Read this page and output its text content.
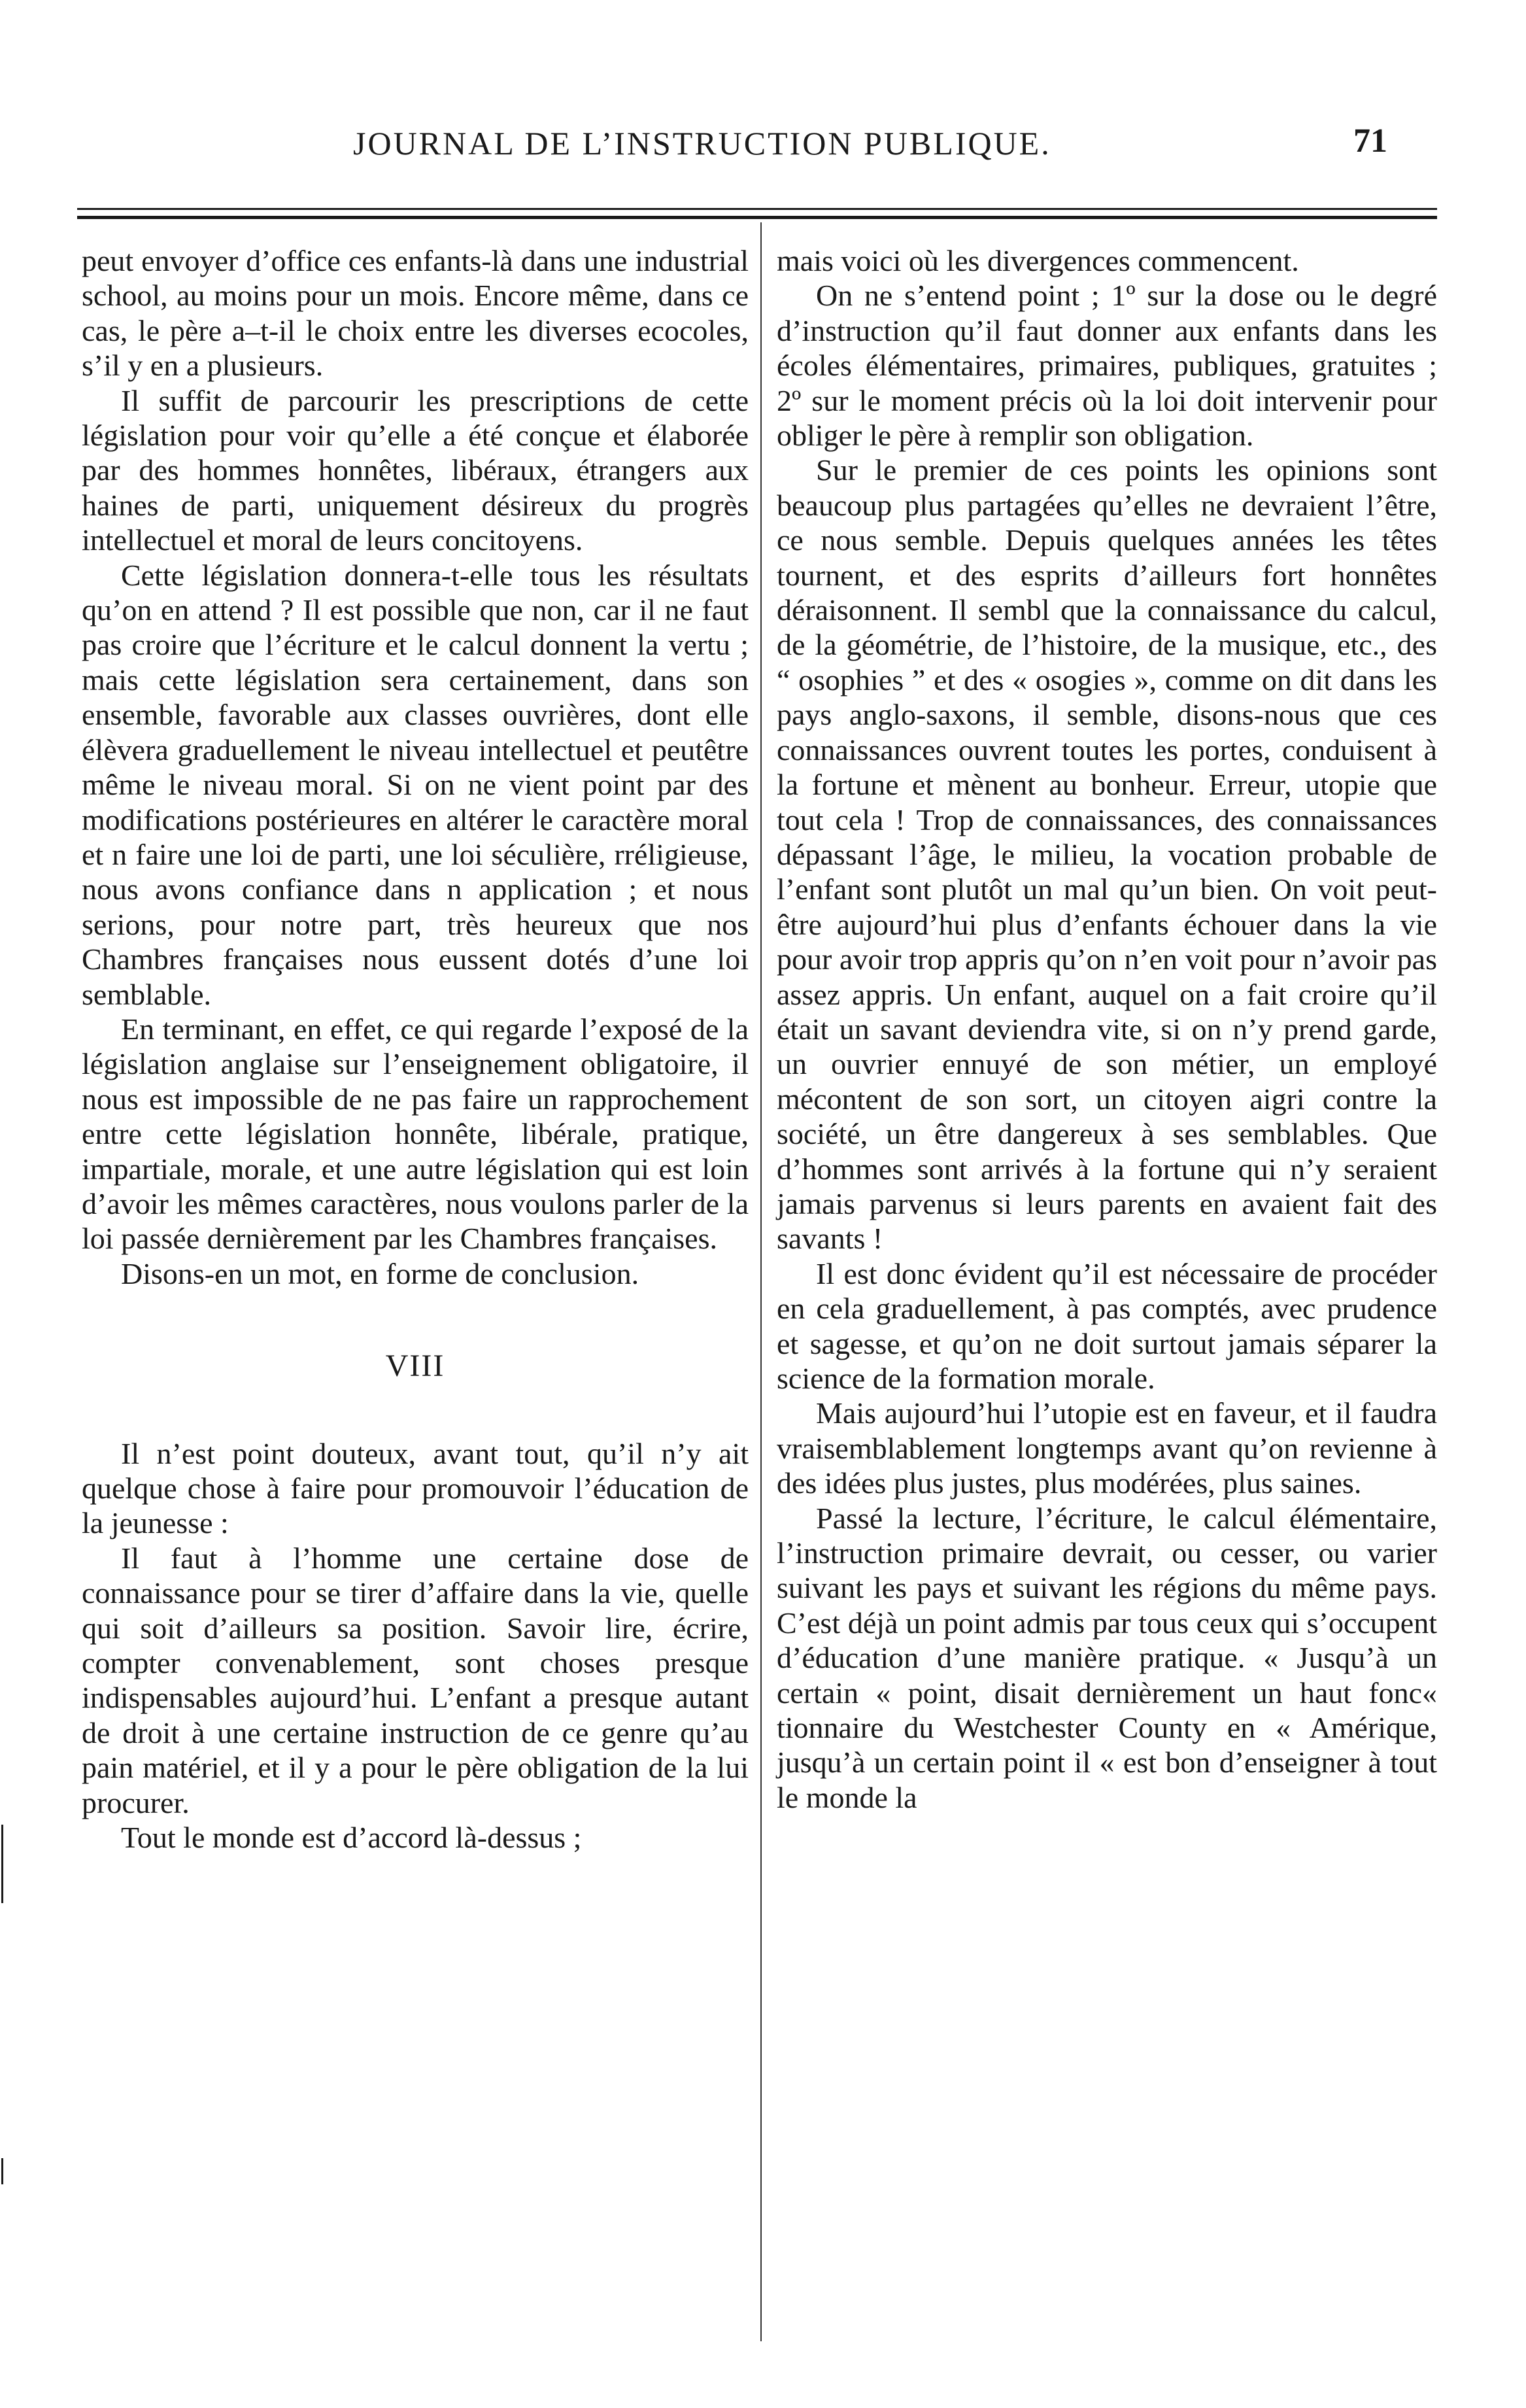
JOURNAL DE L’INSTRUCTION PUBLIQUE.	71

peut envoyer d’office ces enfants-là dans une industrial school, au moins pour un mois. Encore même, dans ce cas, le père a–t-il le choix entre les diverses ecocoles, s’il y en a plusieurs.

Il suffit de parcourir les prescriptions de cette législation pour voir qu’elle a été conçue et élaborée par des hommes honnêtes, libéraux, étrangers aux haines de parti, uniquement désireux du progrès intellectuel et moral de leurs concitoyens.

Cette législation donnera-t-elle tous les résultats qu’on en attend ? Il est possible que non, car il ne faut pas croire que l’écriture et le calcul donnent la vertu ; mais cette législation sera certainement, dans son ensemble, favorable aux classes ouvrières, dont elle élèvera graduellement le niveau intellectuel et peutêtre même le niveau moral. Si on ne vient point par des modifications postérieures en altérer le caractère moral et n faire une loi de parti, une loi séculière, rréligieuse, nous avons confiance dans n application ; et nous serions, pour notre part, très heureux que nos Chambres françaises nous eussent dotés d’une loi semblable.

En terminant, en effet, ce qui regarde l’exposé de la législation anglaise sur l’enseignement obligatoire, il nous est impossible de ne pas faire un rapprochement entre cette législation honnête, libérale, pratique, impartiale, morale, et une autre législation qui est loin d’avoir les mêmes caractères, nous voulons parler de la loi passée dernièrement par les Chambres françaises.

Disons-en un mot, en forme de conclusion.

VIII

Il n’est point douteux, avant tout, qu’il n’y ait quelque chose à faire pour promouvoir l’éducation de la jeunesse :

Il faut à l’homme une certaine dose de connaissance pour se tirer d’affaire dans la vie, quelle qui soit d’ailleurs sa position. Savoir lire, écrire, compter convenablement, sont choses presque indispensables aujourd’hui. L’enfant a presque autant de droit à une certaine instruction de ce genre qu’au pain matériel, et il y a pour le père obligation de la lui procurer.

Tout le monde est d’accord là-dessus ;

mais voici où les divergences commencent.

On ne s’entend point ; 1º sur la dose ou le degré d’instruction qu’il faut donner aux enfants dans les écoles élémentaires, primaires, publiques, gratuites ; 2º sur le moment précis où la loi doit intervenir pour obliger le père à remplir son obligation.

Sur le premier de ces points les opinions sont beaucoup plus partagées qu’elles ne devraient l’être, ce nous semble. Depuis quelques années les têtes tournent, et des esprits d’ailleurs fort honnêtes déraisonnent. Il sembl que la connaissance du calcul, de la géométrie, de l’histoire, de la musique, etc., des “ osophies ” et des « osogies », comme on dit dans les pays anglo-saxons, il semble, disons-nous que ces connaissances ouvrent toutes les portes, conduisent à la fortune et mènent au bonheur. Erreur, utopie que tout cela ! Trop de connaissances, des connaissances dépassant l’âge, le milieu, la vocation probable de l’enfant sont plutôt un mal qu’un bien. On voit peut-être aujourd’hui plus d’enfants échouer dans la vie pour avoir trop appris qu’on n’en voit pour n’avoir pas assez appris. Un enfant, auquel on a fait croire qu’il était un savant deviendra vite, si on n’y prend garde, un ouvrier ennuyé de son métier, un employé mécontent de son sort, un citoyen aigri contre la société, un être dangereux à ses semblables. Que d’hommes sont arrivés à la fortune qui n’y seraient jamais parvenus si leurs parents en avaient fait des savants !

Il est donc évident qu’il est nécessaire de procéder en cela graduellement, à pas comptés, avec prudence et sagesse, et qu’on ne doit surtout jamais séparer la science de la formation morale.

Mais aujourd’hui l’utopie est en faveur, et il faudra vraisemblablement longtemps avant qu’on revienne à des idées plus justes, plus modérées, plus saines.

Passé la lecture, l’écriture, le calcul élémentaire, l’instruction primaire devrait, ou cesser, ou varier suivant les pays et suivant les régions du même pays. C’est déjà un point admis par tous ceux qui s’occupent d’éducation d’une manière pratique. « Jusqu’à un certain « point, disait dernièrement un haut fonc« tionnaire du Westchester County en « Amérique, jusqu’à un certain point il « est bon d’enseigner à tout le monde la
